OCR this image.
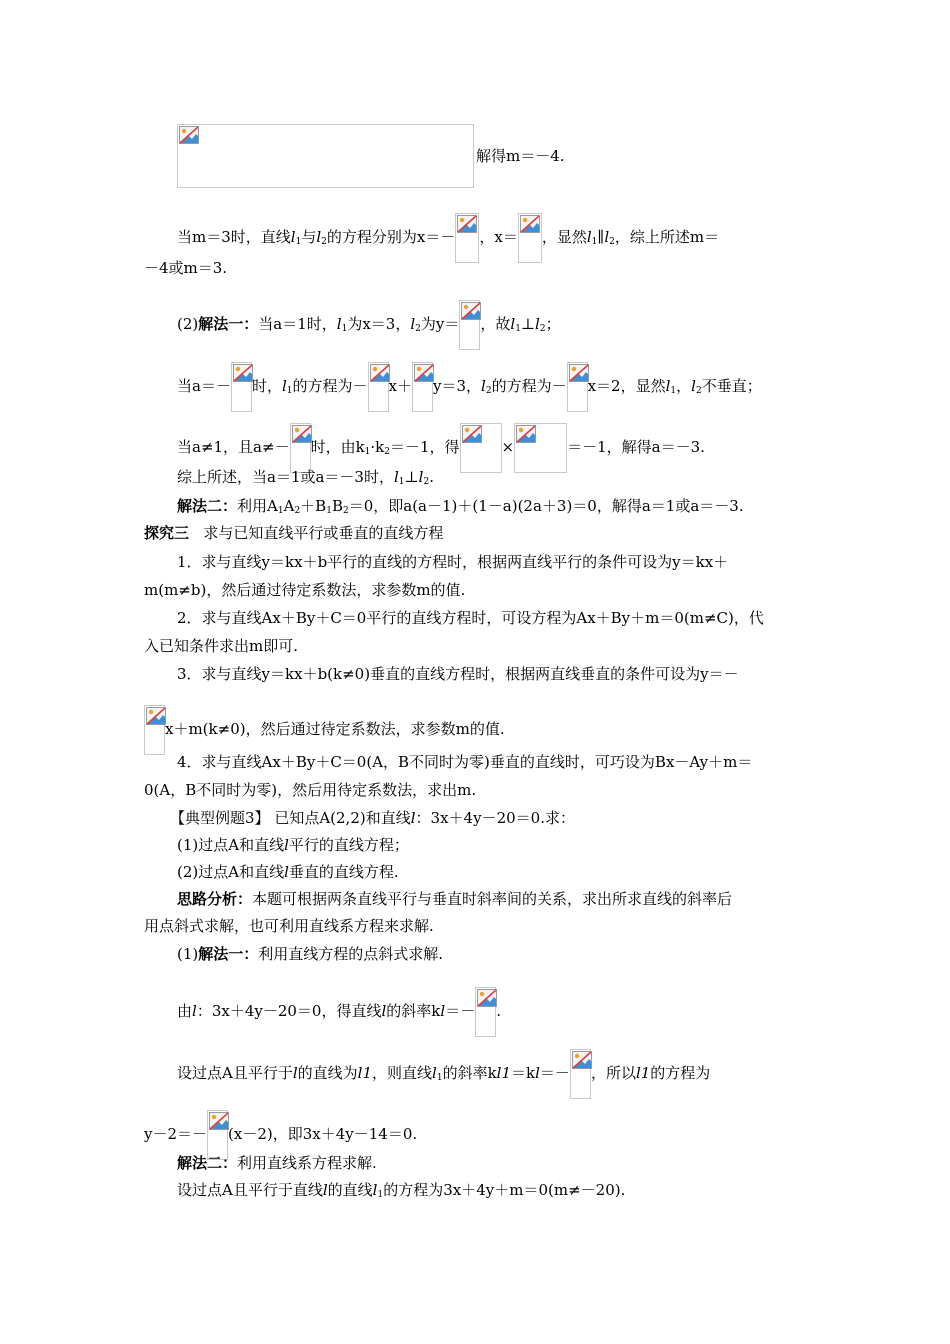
解得m＝－4.
当m＝3时，直线$l_1$与$l_2$的方程分别为x＝－ ，x＝ ，显然$l_1\parallel l_2$，综上所述m＝
－4或m＝3.
(2)解法一：当a＝1时，$l_1$为x＝3，$l_2$为y＝ ，故$l_1\perp l_2$；
当a＝－ 时，$l_1$的方程为－ x＋ y＝3，$l_2$的方程为－ x＝2，显然$l_1$，$l_2$不垂直；
当a≠1，且a≠－ 时，由$k_1\cdot k_2=-1$，得	×	＝－1，解得a＝－3.
综上所述，当a＝1或a＝－3时，$l_1\perp l_2$.
解法二：利用$A_1A_2+B_1B_2=0$，即a(a－1)＋(1－a)(2a＋3)＝0，解得a＝1或a＝－3.
探究三 求与已知直线平行或垂直的直线方程
1．求与直线y＝kx＋b平行的直线的方程时，根据两直线平行的条件可设为y＝kx＋
m(m≠b)，然后通过待定系数法，求参数m的值.
2．求与直线Ax＋By＋C＝0平行的直线方程时，可设方程为Ax＋By＋m＝0(m≠C)，代
入已知条件求出m即可.
3．求与直线y＝kx＋b(k≠0)垂直的直线方程时，根据两直线垂直的条件可设为y＝－
x＋m(k≠0)，然后通过待定系数法，求参数m的值.
4．求与直线Ax＋By＋C＝0(A，B不同时为零)垂直的直线时，可巧设为Bx－Ay＋m＝
0(A，B不同时为零)，然后用待定系数法，求出m.
【典型例题3】 已知点A(2,2)和直线l：3x＋4y－20＝0.求：
(1)过点A和直线l平行的直线方程；
(2)过点A和直线l垂直的直线方程.
思路分析：本题可根据两条直线平行与垂直时斜率间的关系，求出所求直线的斜率后
用点斜式求解，也可利用直线系方程来求解.
(1)解法一：利用直线方程的点斜式求解.
由l：3x＋4y－20＝0，得直线l的斜率kl＝－ .
设过点A且平行于l的直线为l1，则直线$l_1$的斜率kl1＝kl＝－ ，所以l1的方程为
y－2＝－ (x－2)，即3x＋4y－14＝0.
解法二：利用直线系方程求解.
设过点A且平行于直线l的直线$l_1$的方程为3x＋4y＋m＝0(m≠－20).
